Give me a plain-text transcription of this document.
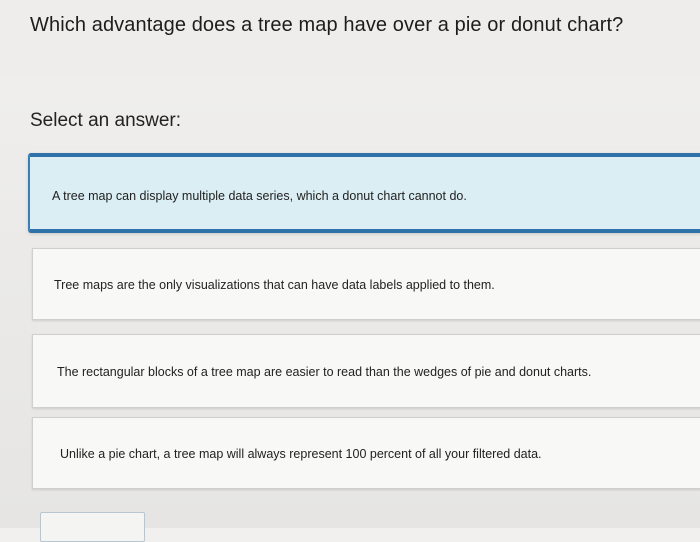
Which advantage does a tree map have over a pie or donut chart?
Select an answer:
A tree map can display multiple data series, which a donut chart cannot do.
Tree maps are the only visualizations that can have data labels applied to them.
The rectangular blocks of a tree map are easier to read than the wedges of pie and donut charts.
Unlike a pie chart, a tree map will always represent 100 percent of all your filtered data.
